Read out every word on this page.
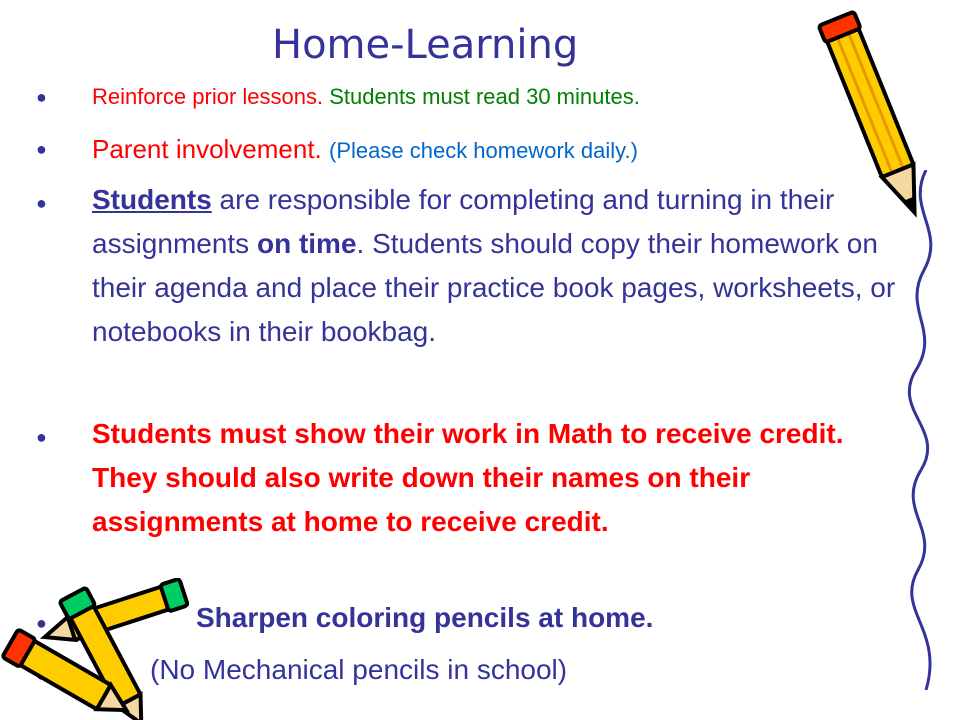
Home-Learning
● Reinforce prior lessons. Students must read 30 minutes.
● Parent involvement. (Please check homework daily.)
● Students are responsible for completing and turning in their assignments on time. Students should copy their homework on their agenda and place their practice book pages, worksheets, or notebooks in their bookbag.
● Students must show their work in Math to receive credit. They should also write down their names on their assignments at home to receive credit.
●	Sharpen coloring pencils at home.
(No Mechanical pencils in school)
